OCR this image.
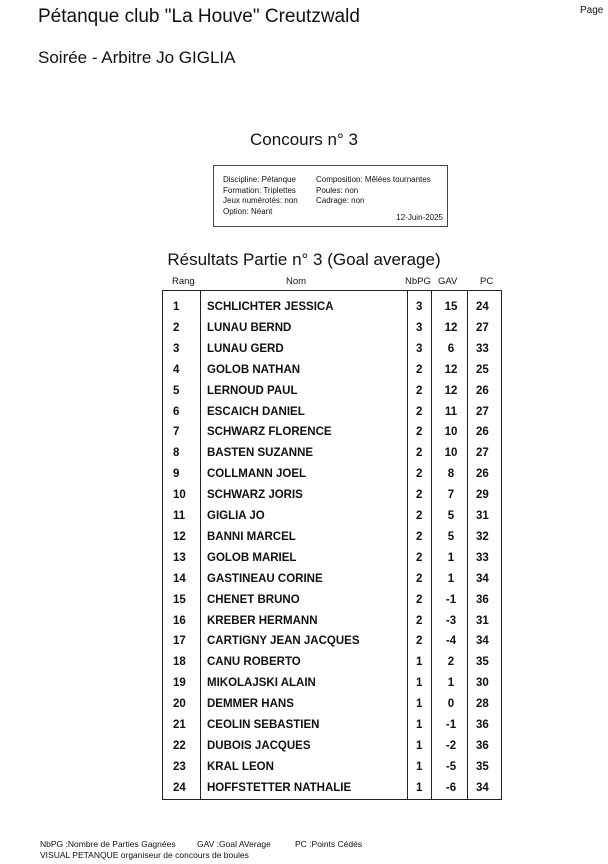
Pétanque club "La Houve" Creutzwald
Soirée - Arbitre Jo GIGLIA
Page
Concours n° 3
Discipline: Pétanque
Formation: Triplettes
Jeux numérotés: non
Option: Néant
Composition: Mêlées tournantes
Poules: non
Cadrage: non
12-Juin-2025
Résultats Partie n° 3 (Goal average)
Rang	Nom	NbPG GAV PC
1 SCHLICHTER JESSICA	3	15	24
2 LUNAU BERND	3	12	27
3 LUNAU GERD	3	6	33
4 GOLOB NATHAN	2	12	25
5 LERNOUD PAUL	2	12	26
6 ESCAICH DANIEL	2	11	27
7 SCHWARZ FLORENCE	2	10	26
8 BASTEN SUZANNE	2	10	27
9 COLLMANN JOEL	2	8	26
10 SCHWARZ JORIS	2	7	29
11 GIGLIA JO	2	5	31
12 BANNI MARCEL	2	5	32
13 GOLOB MARIEL	2	1	33
14 GASTINEAU CORINE	2	1	34
15 CHENET BRUNO	2	-1	36
16 KREBER HERMANN	2	-3	31
17 CARTIGNY JEAN JACQUES	2	-4	34
18 CANU ROBERTO	1	2	35
19 MIKOLAJSKI ALAIN	1	1	30
20 DEMMER HANS	1	0	28
21 CEOLIN SEBASTIEN	1	-1	36
22 DUBOIS JACQUES	1	-2	36
23 KRAL LEON	1	-5	35
24 HOFFSTETTER NATHALIE	1	-6	34
NbPG :Nombre de Parties Gagnées	GAV :Goal AVerage	PC :Points Cédés
VISUAL PETANQUE organiseur de concours de boules
